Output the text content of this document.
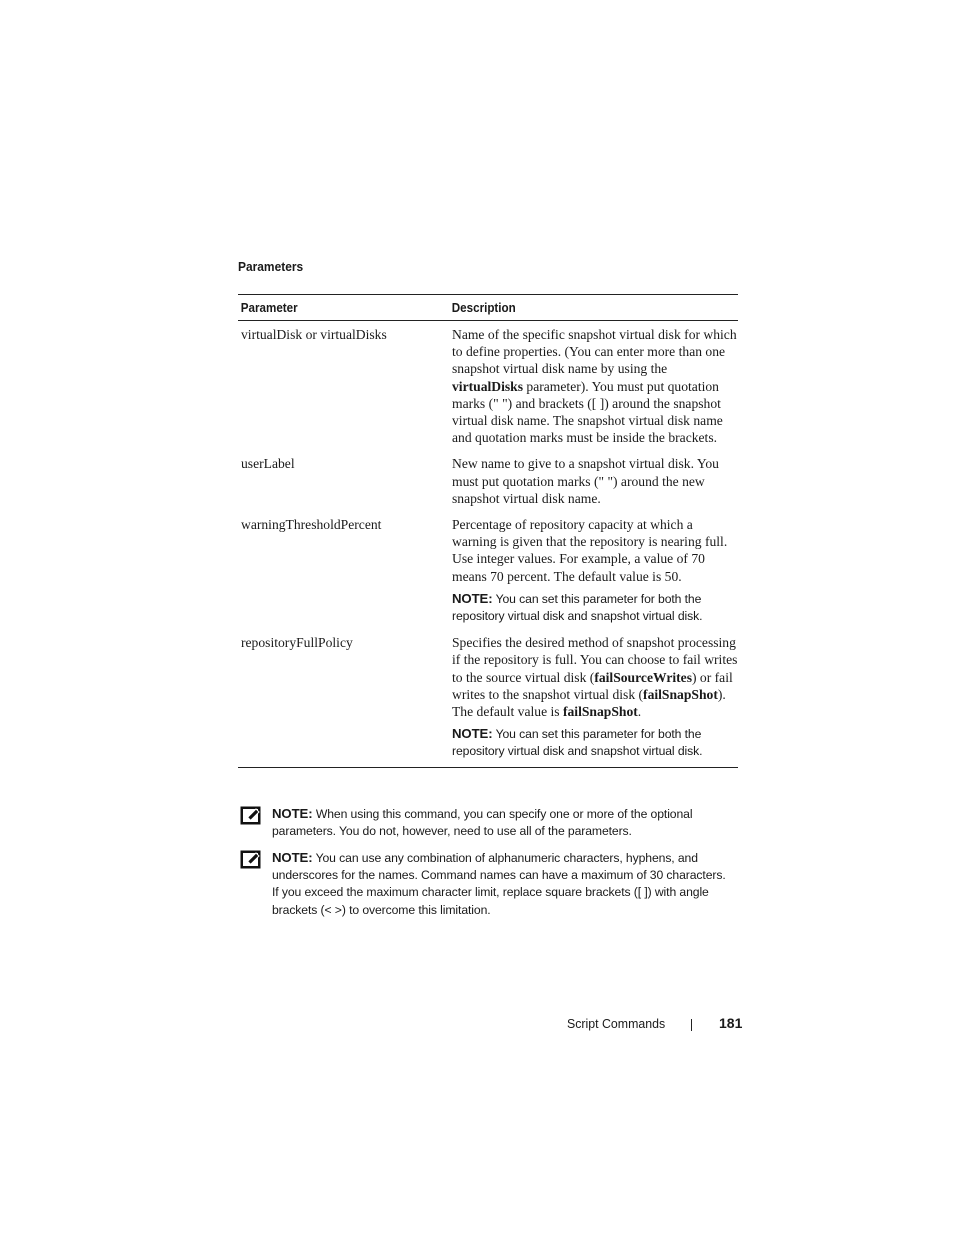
Parameters
Parameter	Description
virtualDisk or virtualDisks	Name of the specific snapshot virtual disk for which to define properties. (You can enter more than one snapshot virtual disk name by using the virtualDisks parameter). You must put quotation marks (" ") and brackets ([ ]) around the snapshot virtual disk name. The snapshot virtual disk name and quotation marks must be inside the brackets.

userLabel	New name to give to a snapshot virtual disk. You must put quotation marks (" ") around the new snapshot virtual disk name.

warningThresholdPercent	Percentage of repository capacity at which a warning is given that the repository is nearing full. Use integer values. For example, a value of 70 means 70 percent. The default value is 50.

NOTE: You can set this parameter for both the repository virtual disk and snapshot virtual disk.
repositoryFullPolicy	Specifies the desired method of snapshot processing if the repository is full. You can choose to fail writes to the source virtual disk (failSourceWrites) or fail writes to the snapshot virtual disk (failSnapShot). The default value is failSnapShot.

NOTE: You can set this parameter for both the repository virtual disk and snapshot virtual disk.
NOTE: When using this command, you can specify one or more of the optional parameters. You do not, however, need to use all of the parameters.
NOTE: You can use any combination of alphanumeric characters, hyphens, and underscores for the names. Command names can have a maximum of 30 characters. If you exceed the maximum character limit, replace square brackets ([ ]) with angle brackets (< >) to overcome this limitation.
Script Commands	181
